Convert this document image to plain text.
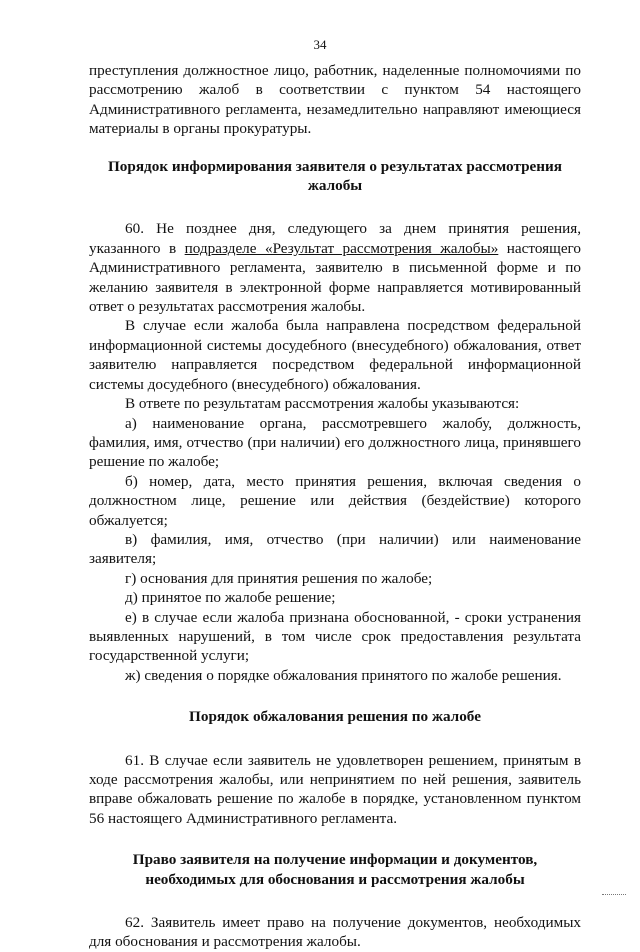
34

преступления должностное лицо, работник, наделенные полномочиями по рассмотрению жалоб в соответствии с пунктом 54 настоящего Административного регламента, незамедлительно направляют имеющиеся материалы в органы прокуратуры.

Порядок информирования заявителя о результатах рассмотрения жалобы

60. Не позднее дня, следующего за днем принятия решения, указанного в подразделе «Результат рассмотрения жалобы» настоящего Административного регламента, заявителю в письменной форме и по желанию заявителя в электронной форме направляется мотивированный ответ о результатах рассмотрения жалобы.

В случае если жалоба была направлена посредством федеральной информационной системы досудебного (внесудебного) обжалования, ответ заявителю направляется посредством федеральной информационной системы досудебного (внесудебного) обжалования.

В ответе по результатам рассмотрения жалобы указываются:

а) наименование органа, рассмотревшего жалобу, должность, фамилия, имя, отчество (при наличии) его должностного лица, принявшего решение по жалобе;

б) номер, дата, место принятия решения, включая сведения о должностном лице, решение или действия (бездействие) которого обжалуется;

в) фамилия, имя, отчество (при наличии) или наименование заявителя;

г) основания для принятия решения по жалобе;

д) принятое по жалобе решение;

е) в случае если жалоба признана обоснованной, - сроки устранения выявленных нарушений, в том числе срок предоставления результата государственной услуги;

ж) сведения о порядке обжалования принятого по жалобе решения.

Порядок обжалования решения по жалобе

61. В случае если заявитель не удовлетворен решением, принятым в ходе рассмотрения жалобы, или непринятием по ней решения, заявитель вправе обжаловать решение по жалобе в порядке, установленном пунктом 56 настоящего Административного регламента.

Право заявителя на получение информации и документов,
необходимых для обоснования и рассмотрения жалобы

62. Заявитель имеет право на получение документов, необходимых для обоснования и рассмотрения жалобы.
